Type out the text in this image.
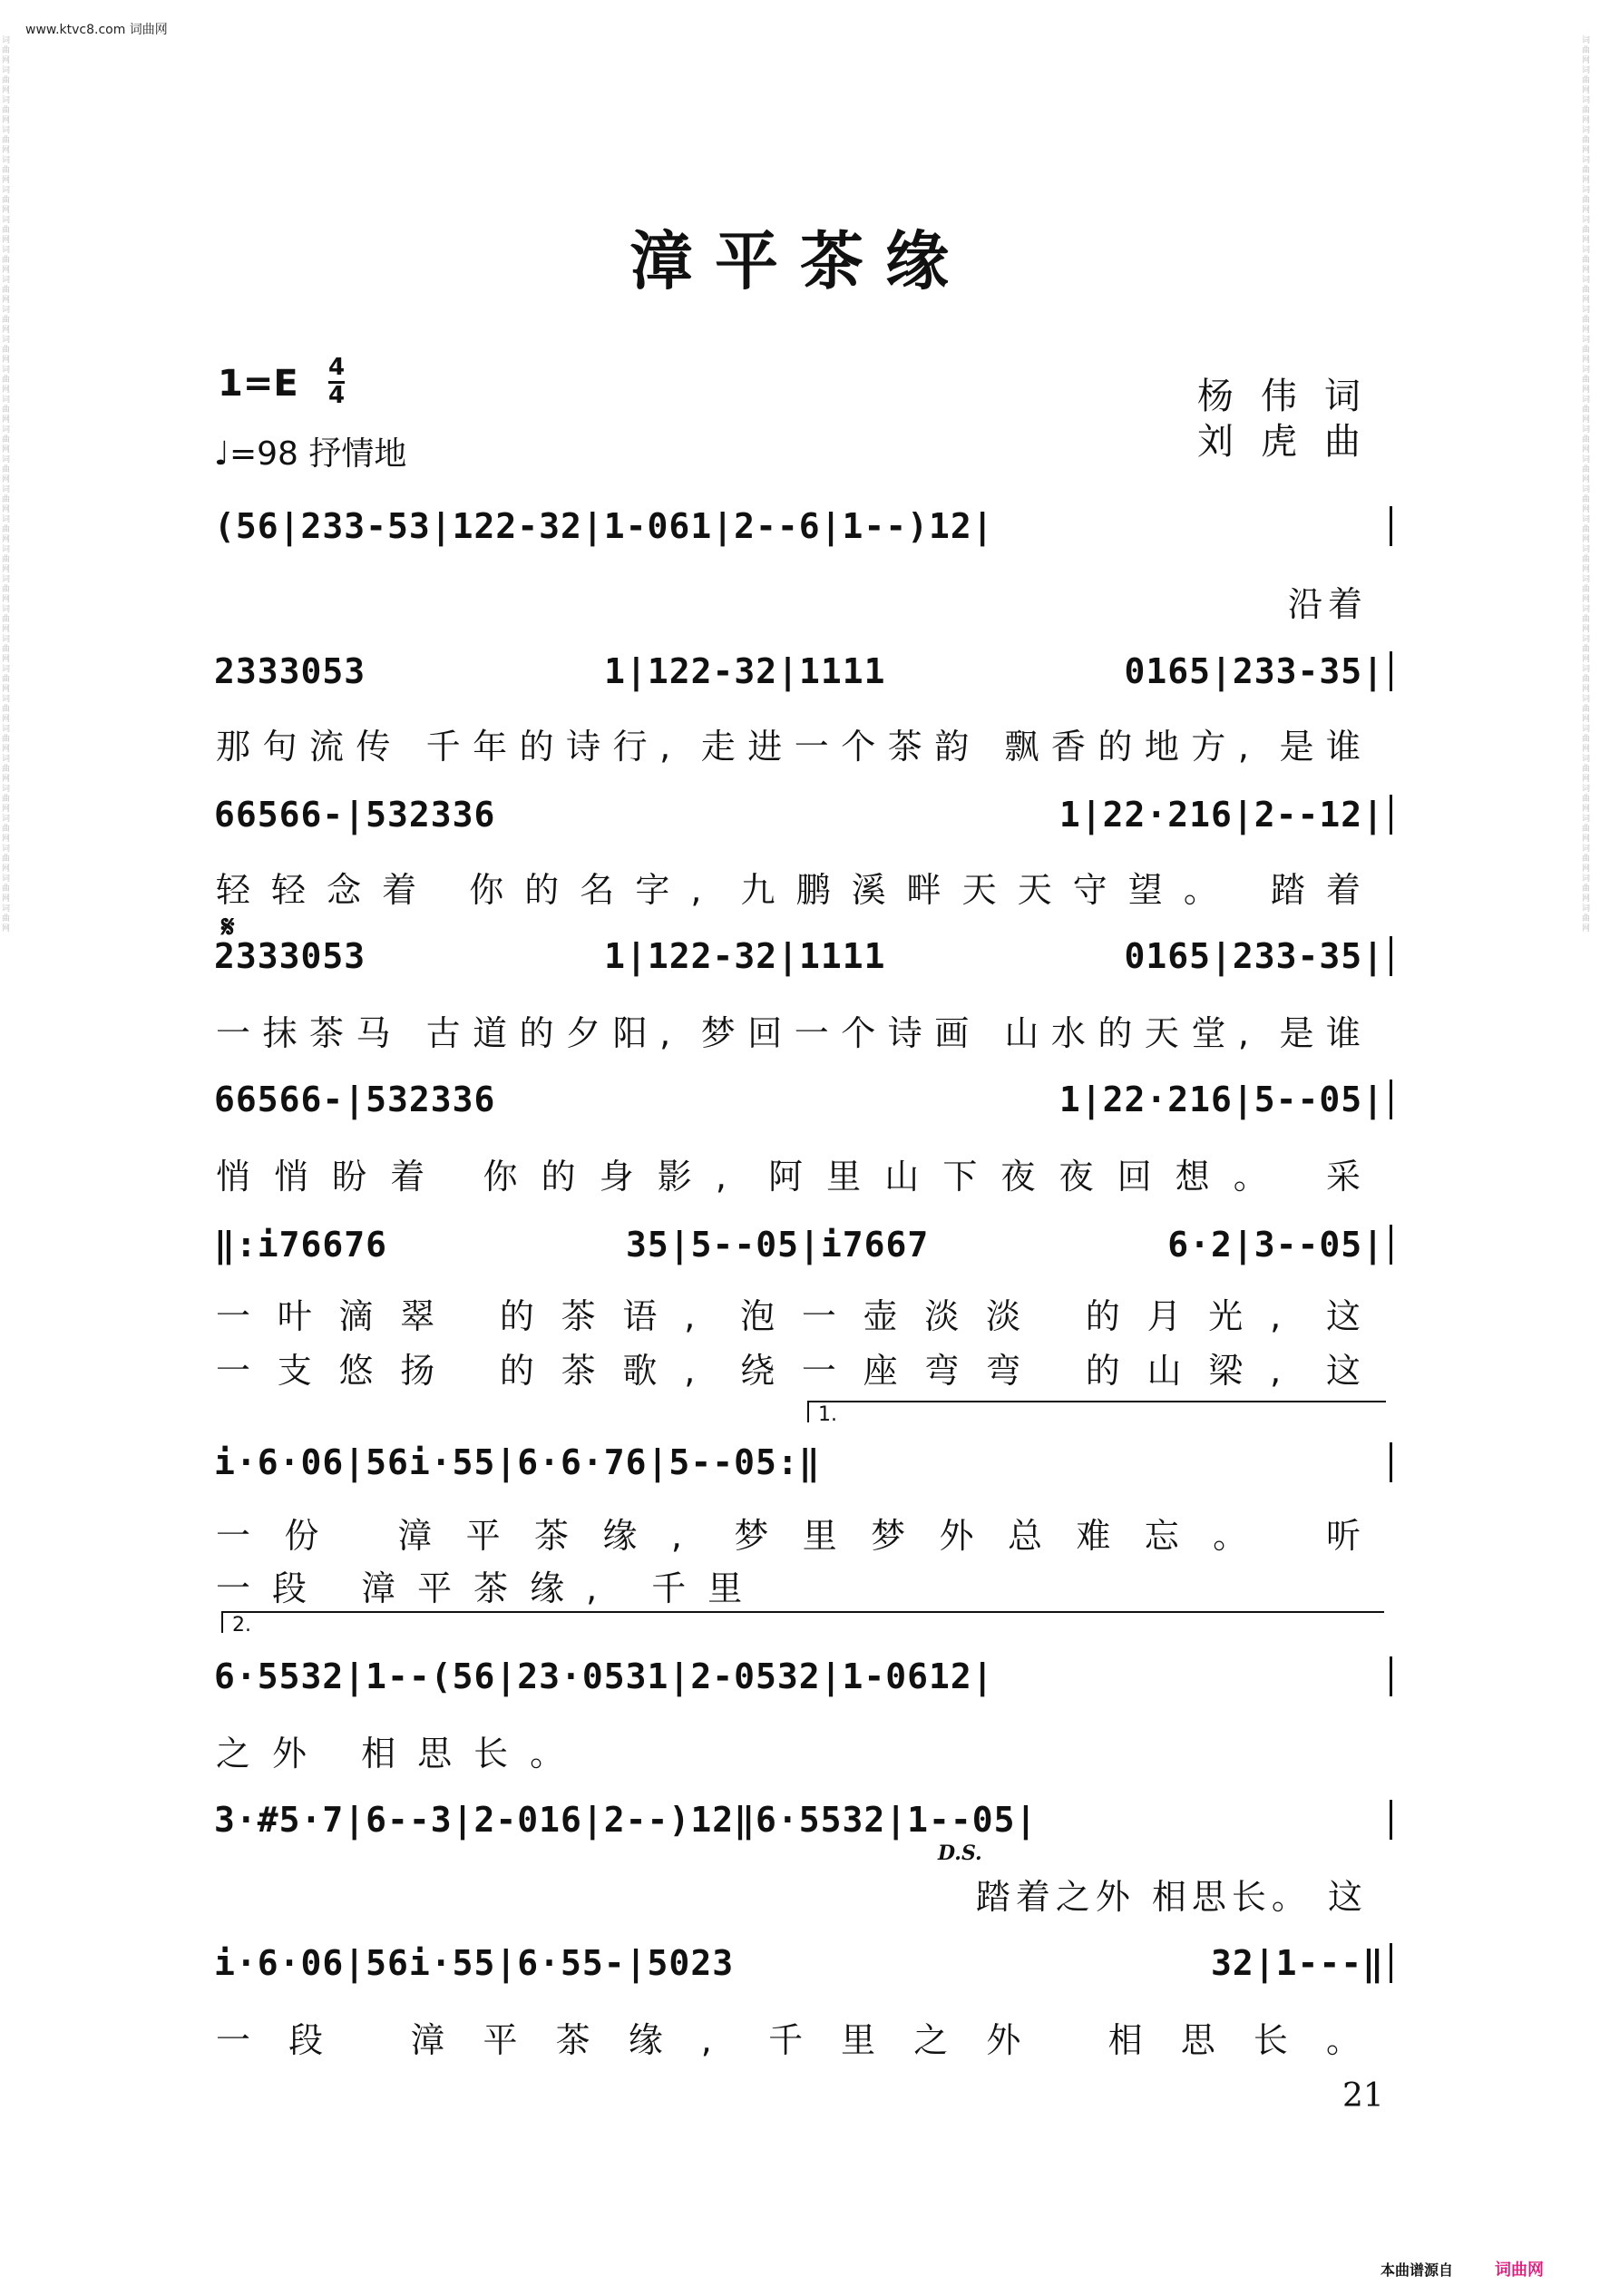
www.ktvc8.com 词曲网
词曲网词曲网词曲网词曲网词曲网词曲网词曲网词曲网词曲网词曲网词曲网词曲网词曲网词曲网词曲网词曲网词曲网词曲网词曲网词曲网词曲网词曲网词曲网词曲网词曲网词曲网词曲网词曲网词曲网词曲网
词曲网词曲网词曲网词曲网词曲网词曲网词曲网词曲网词曲网词曲网词曲网词曲网词曲网词曲网词曲网词曲网词曲网词曲网词曲网词曲网词曲网词曲网词曲网词曲网词曲网词曲网词曲网词曲网词曲网词曲网
漳平茶缘
1=E 4
4
♩=98 抒情地
杨伟词
刘虎曲
(56|233-53|122-32|1-061|2--6|1--)12|
沿着
2333053 1|122-32|1111 0165|233-35|
那句流传 千年的诗行, 走进一个茶韵 飘香的地方, 是谁
66566-|532336 1|22·216|2--12|
轻轻念着 你的名字, 九鹏溪畔天天守望。 踏着
𝄋
2333053 1|122-32|1111 0165|233-35|
一抹茶马 古道的夕阳, 梦回一个诗画 山水的天堂, 是谁
66566-|532336 1|22·216|5--05|
悄悄盼着 你的身影, 阿里山下夜夜回想。 采
‖:i76676 35|5--05|i7667 6·2|3--05|
一叶滴翠 的茶语, 泡一壶淡淡 的月光, 这
一支悠扬 的茶歌, 绕一座弯弯 的山梁, 这
1.
i·6·06|56i·55|6·6·76|5--05:‖
一份 漳平茶缘, 梦里梦外总难忘。 听
一段 漳平茶缘, 千里
2.
6·5532|1--(56|23·0531|2-0532|1-0612|
之外 相思长。
3·#5·7|6--3|2-016|2--)12‖6·5532|1--05|
D.S.
踏着之外 相思长。 这
i·6·06|56i·55|6·55-|5023 32|1---‖
一段 漳平茶缘, 千里之外 相思长。
21
本曲谱源自	词曲网
